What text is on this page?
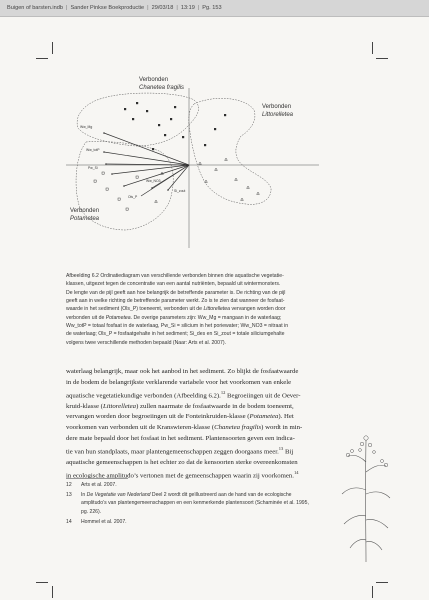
Buigen of barsten.indb | Sander Pinkse Boekproductie | 29/03/18 | 13:19 | Pg. 153
Ww_Mg
Ww_totP
Pw_Si
Ww_NO3
Ols_P
Si_zout
Verbonden
Chanetea fragilis
Verbonden
Littorelletea
Verbonden
Potametea

Afbeelding 6.2 Ordinatiediagram van verschillende verbonden binnen drie aquatische vegetatie-

klassen, uitgezet tegen de concentratie van een aantal nutriënten, bepaald uit wintermonsters.

De lengte van de pijl geeft aan hoe belangrijk de betreffende parameter is. De richting van de pijl

geeft aan in welke richting de betreffende parameter werkt. Zo is te zien dat wanneer de fosfaat-

waarde in het sediment (Ols_P) toeneemt, verbonden uit de Littorelletea vervangen worden door

verbonden uit de Potametea. De overige parameters zijn: Ww_Mg = mangaan in de waterlaag;

Ww_totP = totaal fosfaat in de waterlaag, Pw_Si = silicium in het poriewater; Ww_NO3 = nitraat in

de waterlaag; Ols_P = fosfaatgehalte in het sediment; Si_des en Si_zout = totale siliciumgehalte

volgens twee verschillende methoden bepaald (Naar: Arts et al. 2007).

waterlaag belangrijk, maar ook het aanbod in het sediment. Zo blijkt de fosfaatwaarde

in de bodem de belangrijkste verklarende variabele voor het voorkomen van enkele

aquatische vegetatiekundige verbonden (Afbeelding 6.2).$^{12}$ Begroeiingen uit de Oever-

kruid-klasse (Littorelletea) zullen naarmate de fosfaatwaarde in de bodem toeneemt,

vervangen worden door begroeiingen uit de Fonteinkruiden-klasse (Potametea). Het

voorkomen van verbonden uit de Kranswieren-klasse (Chanetea fragilis) wordt in min-

dere mate bepaald door het fosfaat in het sediment. Plantensoorten geven een indica-

tie van hun standplaats, maar plantengemeenschappen zeggen doorgaans meer.$^{13}$ Bij

aquatische gemeenschappen is het echter zo dat de kensoorten sterke overeenkomsten

in ecologische amplitudo’s vertonen met de gemeenschappen waarin zij voorkomen.$^{14}$

12 Arts et al. 2007.

13 In De Vegetatie van Nederland Deel 2 wordt dit geïllustreerd aan de hand van de ecologische

amplitudo’s van plantengemeenschappen en een kenmerkende plantensoort (Schaminée et al. 1995,

pg. 226).

14 Hommel et al. 2007.
